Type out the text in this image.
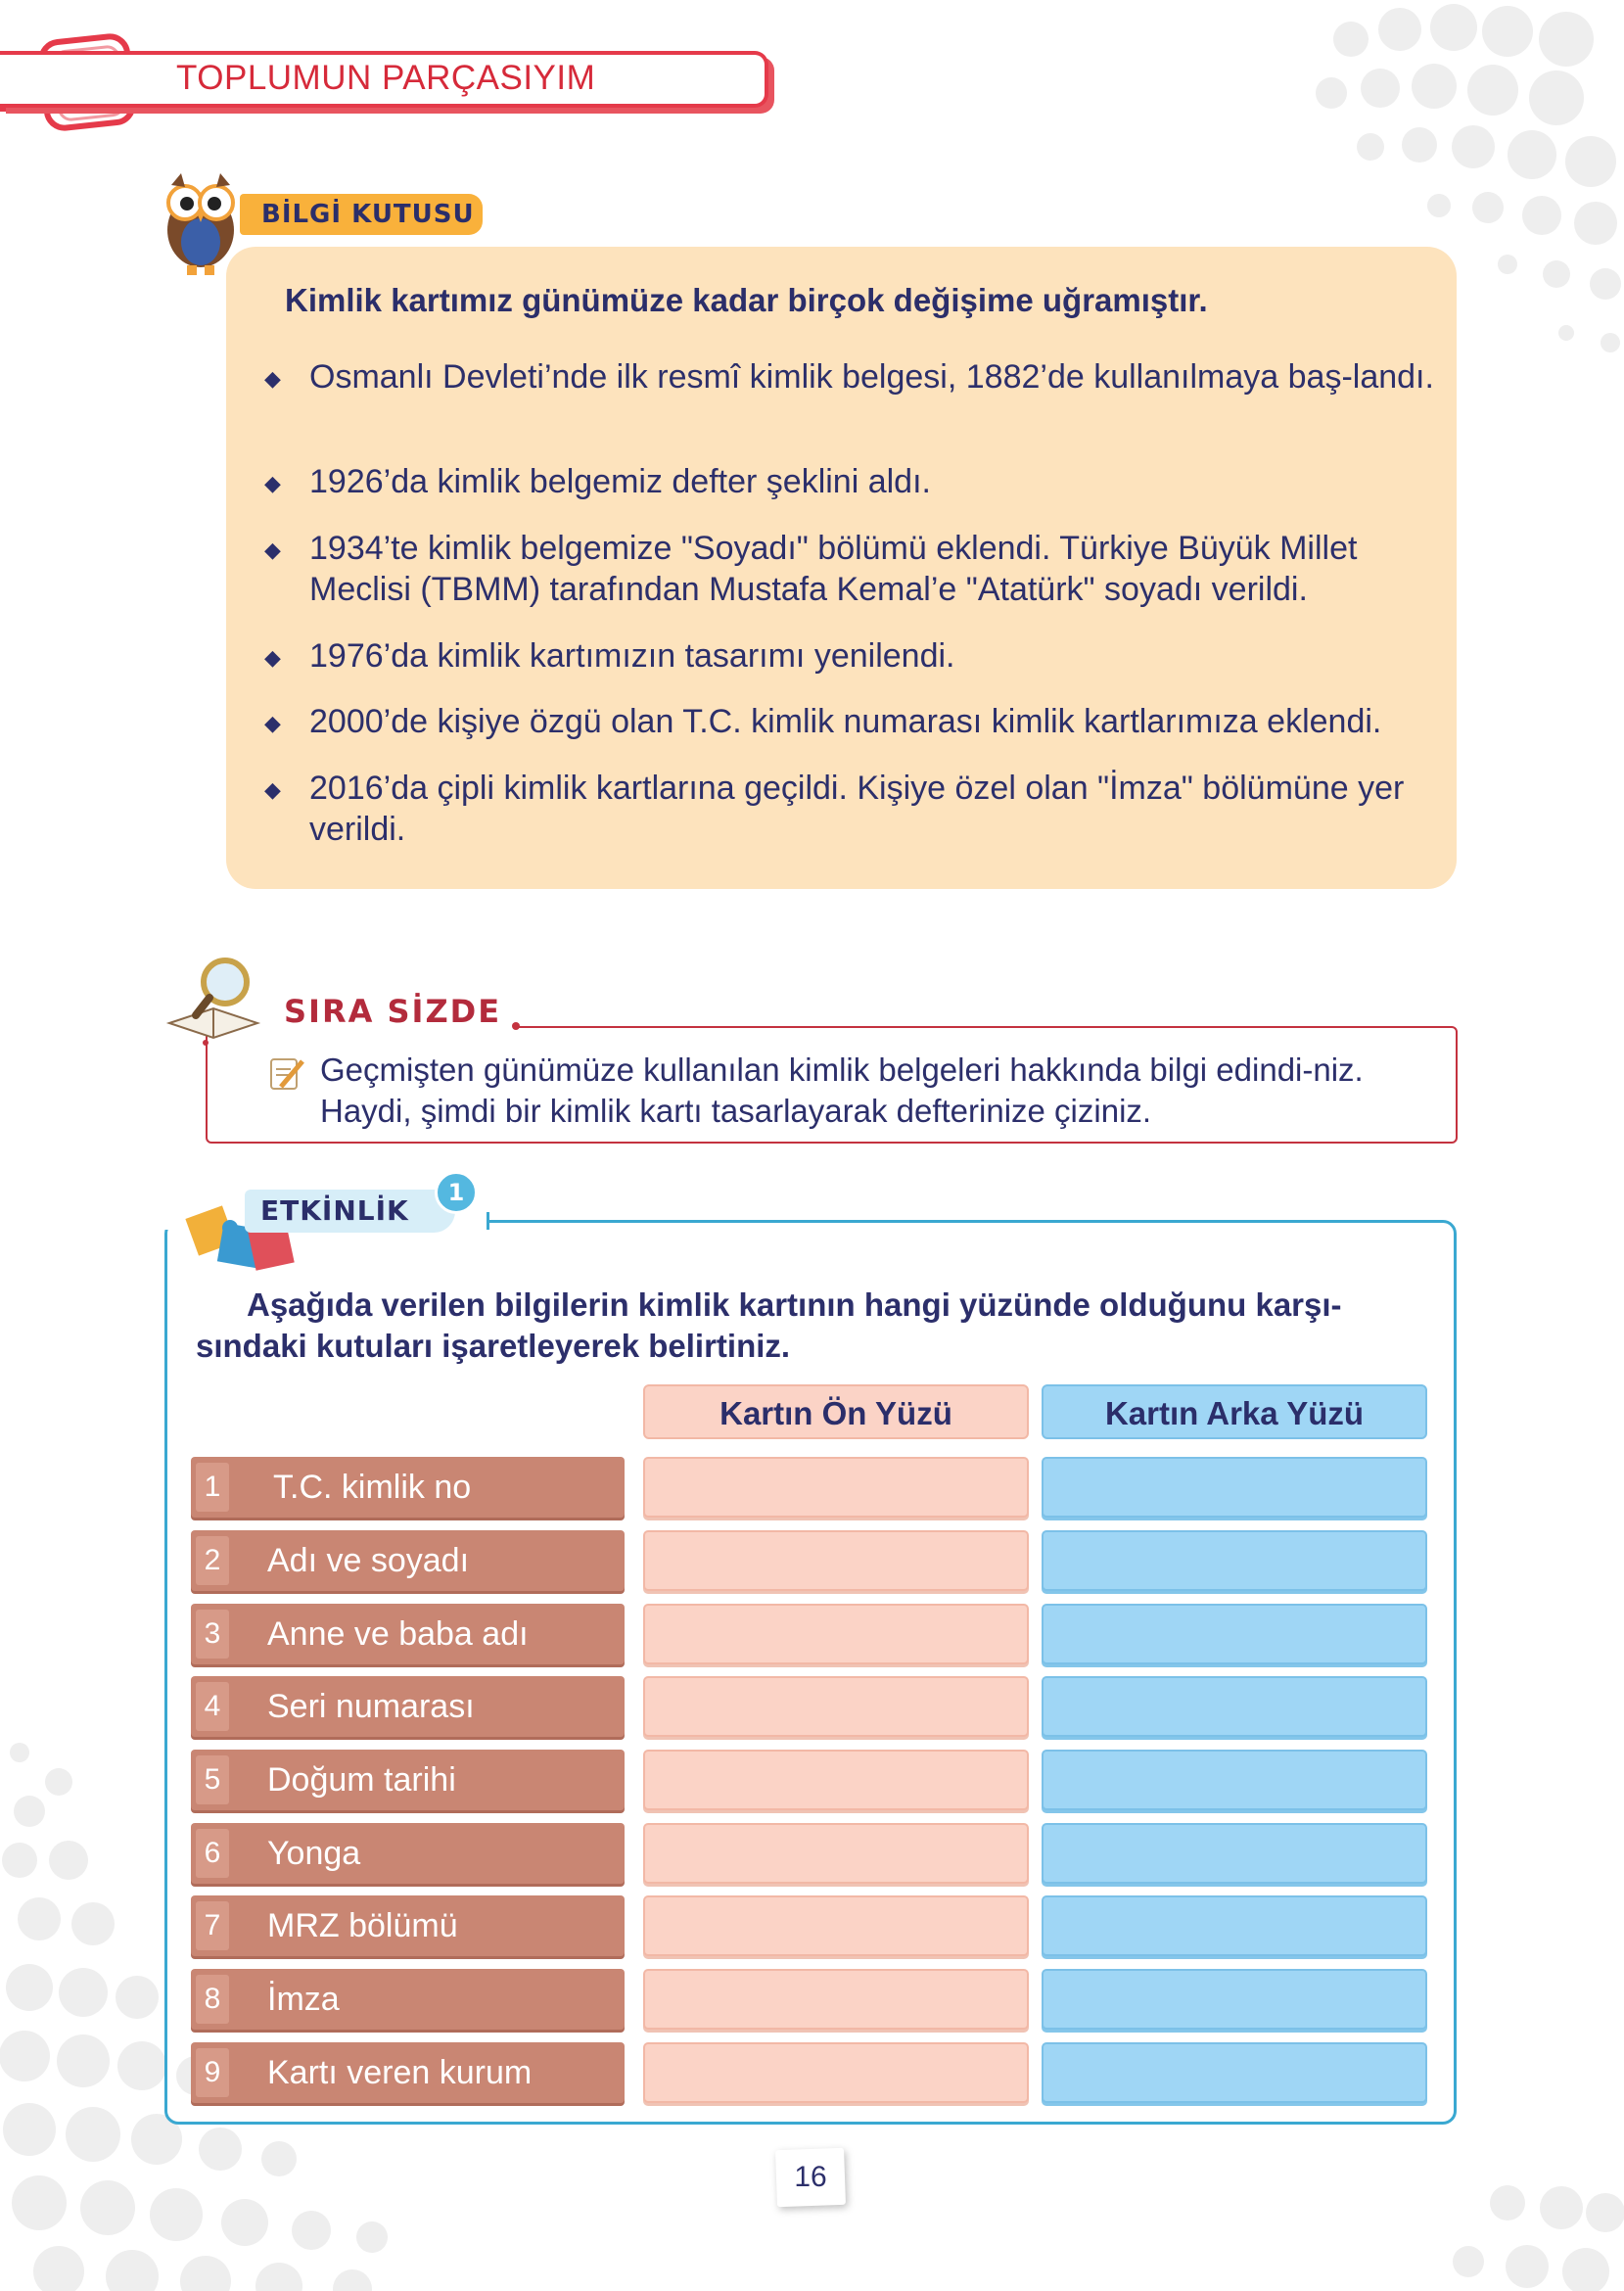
TOPLUMUN PARÇASIYIM
BİLGİ KUTUSU
Kimlik kartımız günümüze kadar birçok değişime uğramıştır.
◆ Osmanlı Devleti’nde ilk resmî kimlik belgesi, 1882’de kullanılmaya baş-landı.
◆ 1926’da kimlik belgemiz defter şeklini aldı.
◆ 1934’te kimlik belgemize "Soyadı" bölümü eklendi. Türkiye Büyük Millet Meclisi (TBMM) tarafından Mustafa Kemal’e "Atatürk" soyadı verildi.
◆ 1976’da kimlik kartımızın tasarımı yenilendi.
◆ 2000’de kişiye özgü olan T.C. kimlik numarası kimlik kartlarımıza eklendi.
◆ 2016’da çipli kimlik kartlarına geçildi. Kişiye özel olan "İmza" bölümüne yer verildi.
SIRA SİZDE
Geçmişten günümüze kullanılan kimlik belgeleri hakkında bilgi edindi-niz. Haydi, şimdi bir kimlik kartı tasarlayarak defterinize çiziniz.
ETKİNLİK
1
Aşağıda verilen bilgilerin kimlik kartının hangi yüzünde olduğunu karşı-sındaki kutuları işaretleyerek belirtiniz.
Kartın Ön Yüzü	Kartın Arka Yüzü
1 T.C. kimlik no
2 Adı ve soyadı
3 Anne ve baba adı
4 Seri numarası
5 Doğum tarihi
6 Yonga
7 MRZ bölümü
8 İmza
9 Kartı veren kurum
16
